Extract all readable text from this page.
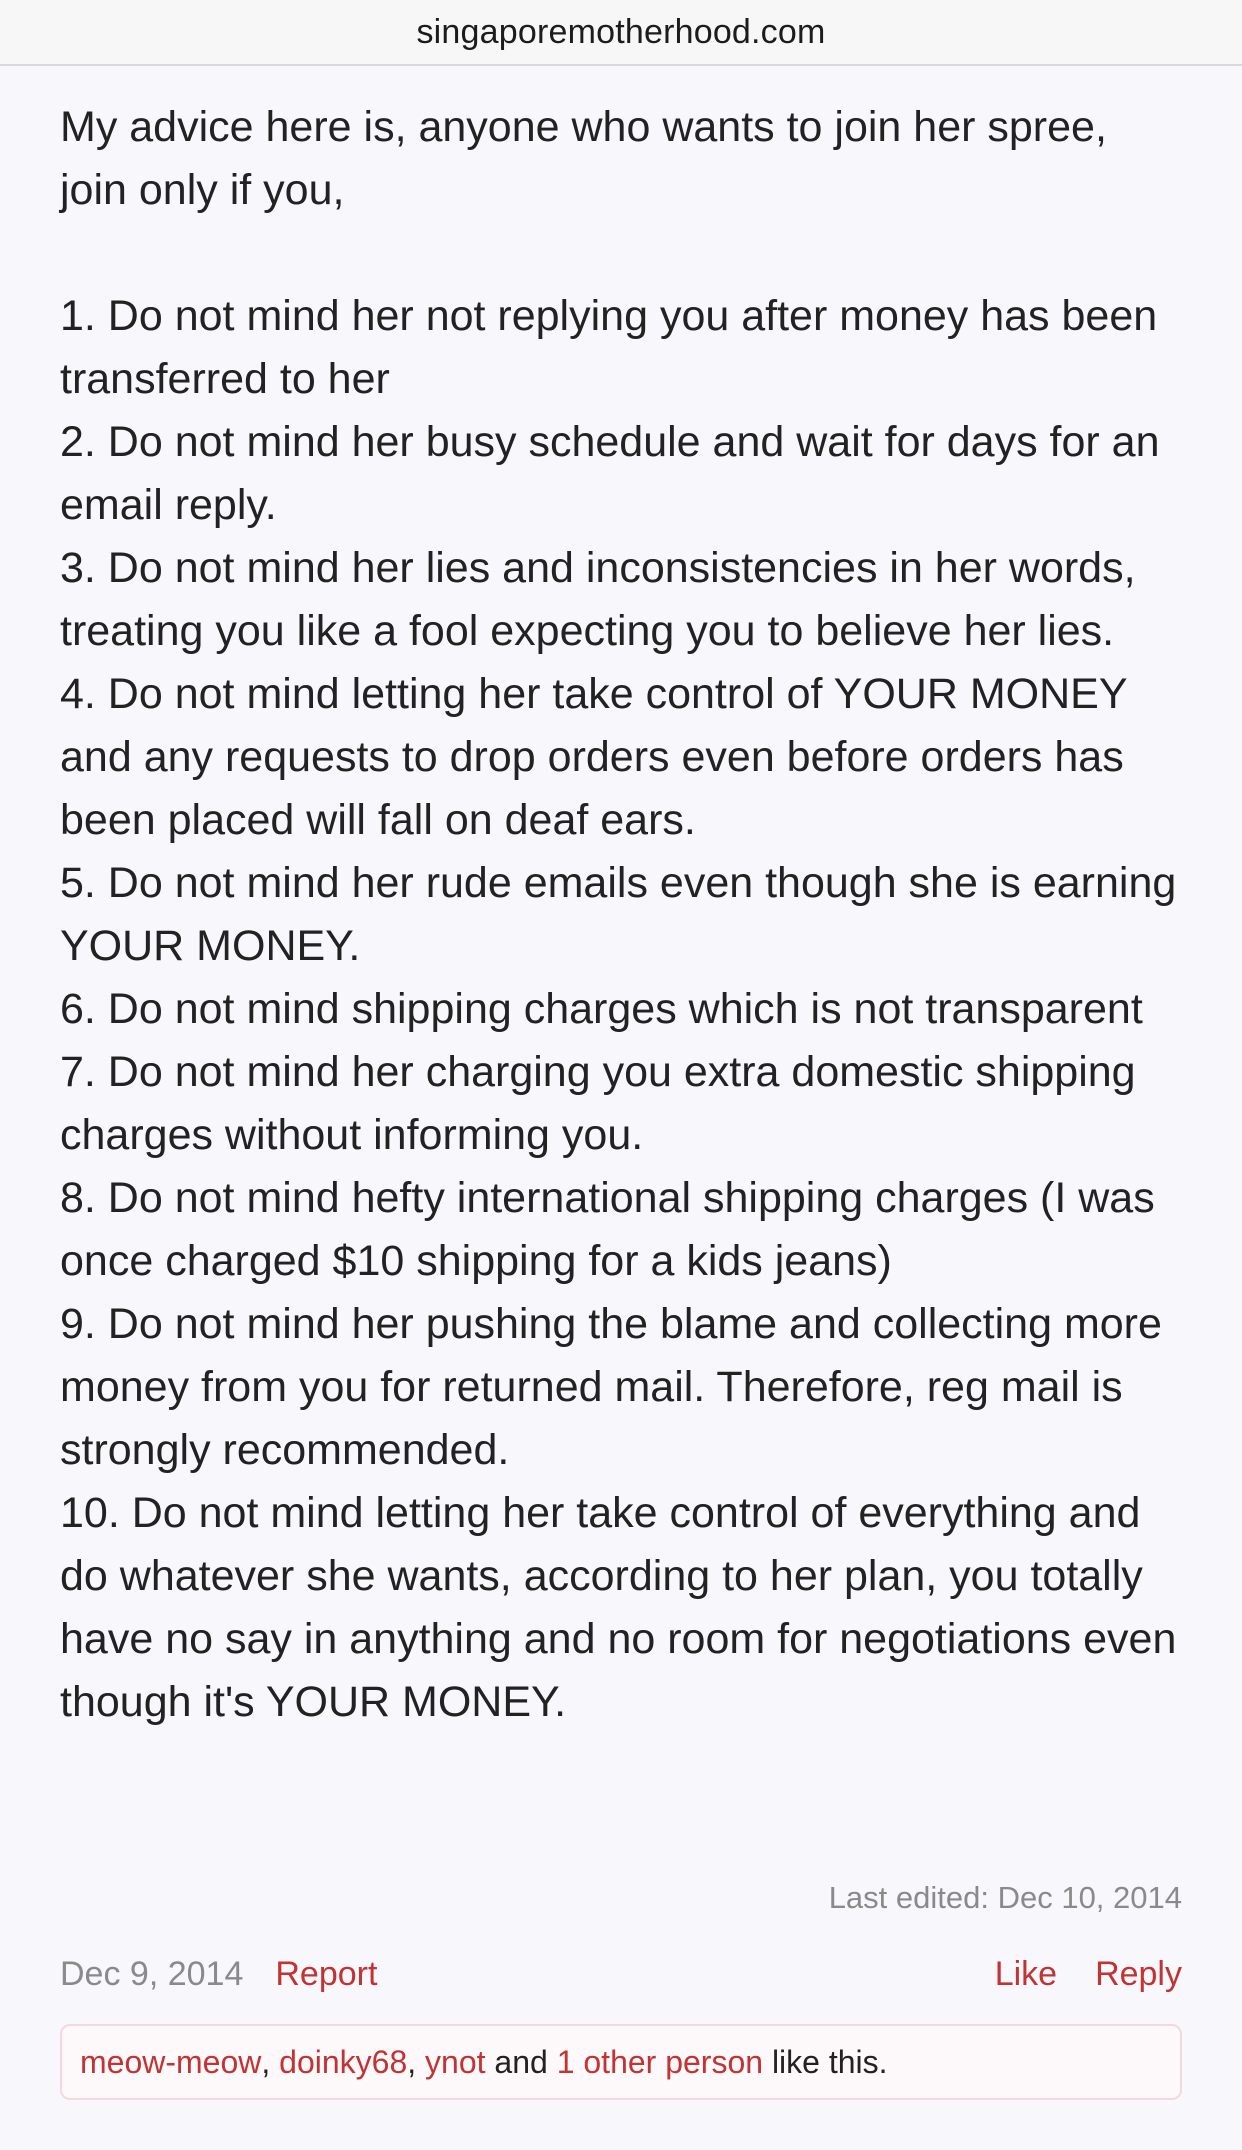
singaporemotherhood.com

My advice here is, anyone who wants to join her spree, join only if you,

1. Do not mind her not replying you after money has been transferred to her

2. Do not mind her busy schedule and wait for days for an email reply.

3. Do not mind her lies and inconsistencies in her words, treating you like a fool expecting you to believe her lies.

4. Do not mind letting her take control of YOUR MONEY and any requests to drop orders even before orders has been placed will fall on deaf ears.

5. Do not mind her rude emails even though she is earning YOUR MONEY.

6. Do not mind shipping charges which is not transparent

7. Do not mind her charging you extra domestic shipping charges without informing you.

8. Do not mind hefty international shipping charges (I was once charged $10 shipping for a kids jeans)

9. Do not mind her pushing the blame and collecting more money from you for returned mail. Therefore, reg mail is strongly recommended.

10. Do not mind letting her take control of everything and do whatever she wants, according to her plan, you totally have no say in anything and no room for negotiations even though it's YOUR MONEY.

Last edited: Dec 10, 2014
Dec 9, 2014 Report	Like Reply
meow-meow , doinky68 , ynot and 1 other person like this.
